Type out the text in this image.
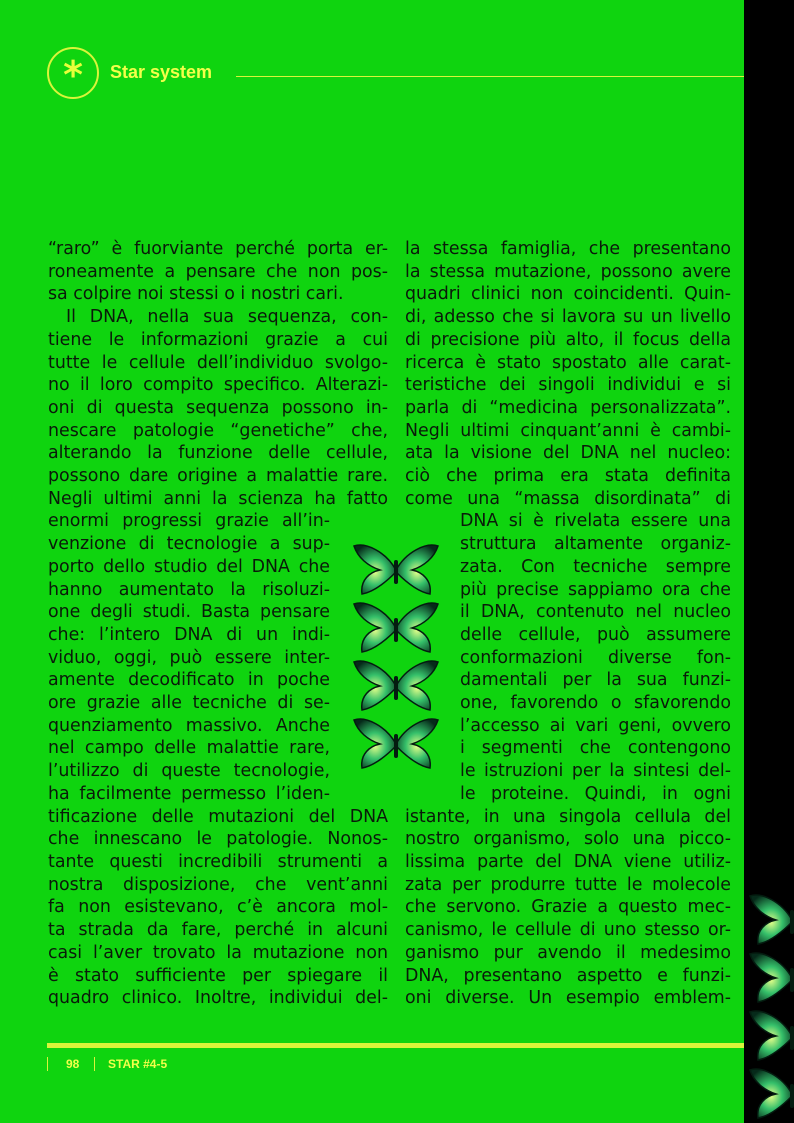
* Star system
“raro” è fuorviante perché porta er-
roneamente a pensare che non pos-
sa colpire noi stessi o i nostri cari.
Il DNA, nella sua sequenza, con-
tiene le informazioni grazie a cui
tutte le cellule dell’individuo svolgo-
no il loro compito specifico. Alterazi-
oni di questa sequenza possono in-
nescare patologie “genetiche” che,
alterando la funzione delle cellule,
possono dare origine a malattie rare.
Negli ultimi anni la scienza ha fatto
enormi progressi grazie all’in-
venzione di tecnologie a sup-
porto dello studio del DNA che
hanno aumentato la risoluzi-
one degli studi. Basta pensare
che: l’intero DNA di un indi-
viduo, oggi, può essere inter-
amente decodificato in poche
ore grazie alle tecniche di se-
quenziamento massivo. Anche
nel campo delle malattie rare,
l’utilizzo di queste tecnologie,
ha facilmente permesso l’iden-
tificazione delle mutazioni del DNA
che innescano le patologie. Nonos-
tante questi incredibili strumenti a
nostra disposizione, che vent’anni
fa non esistevano, c’è ancora mol-
ta strada da fare, perché in alcuni
casi l’aver trovato la mutazione non
è stato sufficiente per spiegare il
quadro clinico. Inoltre, individui del-
la stessa famiglia, che presentano
la stessa mutazione, possono avere
quadri clinici non coincidenti. Quin-
di, adesso che si lavora su un livello
di precisione più alto, il focus della
ricerca è stato spostato alle carat-
teristiche dei singoli individui e si
parla di “medicina personalizzata”.
Negli ultimi cinquant’anni è cambi-
ata la visione del DNA nel nucleo:
ciò che prima era stata definita
come una “massa disordinata” di
DNA si è rivelata essere una
struttura altamente organiz-
zata. Con tecniche sempre
più precise sappiamo ora che
il DNA, contenuto nel nucleo
delle cellule, può assumere
conformazioni diverse fon-
damentali per la sua funzi-
one, favorendo o sfavorendo
l’accesso ai vari geni, ovvero
i segmenti che contengono
le istruzioni per la sintesi del-
le proteine. Quindi, in ogni
istante, in una singola cellula del
nostro organismo, solo una picco-
lissima parte del DNA viene utiliz-
zata per produrre tutte le molecole
che servono. Grazie a questo mec-
canismo, le cellule di uno stesso or-
ganismo pur avendo il medesimo
DNA, presentano aspetto e funzi-
oni diverse. Un esempio emblem-
98 STAR #4-5
